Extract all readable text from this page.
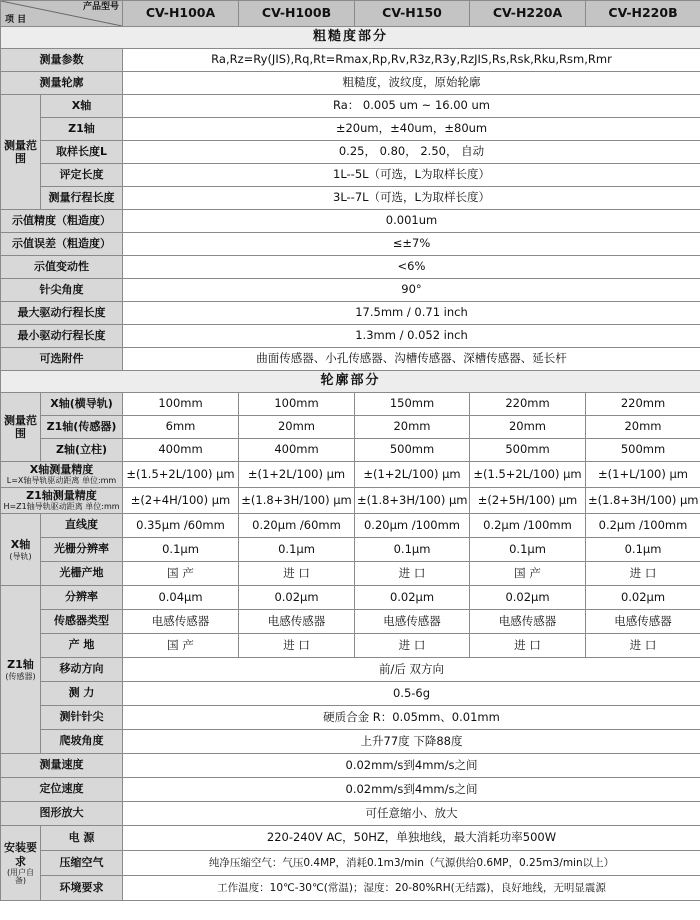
产品型号
项 目		CV-H100A	CV-H100B	CV-H150	CV-H220A	CV-H220B
粗糙度部分						
测量参数		Ra,Rz=Ry(JIS),Rq,Rt=Rmax,Rp,Rv,R3z,R3y,RzJIS,Rs,Rsk,Rku,Rsm,Rmr				
测量轮廓		粗糙度，波纹度，原始轮廓				
测量范围	X轴	Ra： 0.005 um ~ 16.00 um				
	Z1轴	±20um，±40um，±80um				
	取样长度L	0.25， 0.80， 2.50， 自动				
	评定长度	1L--5L（可选，L为取样长度）				
	测量行程长度	3L--7L（可选，L为取样长度）				
示值精度（粗造度）		0.001um				
示值误差（粗造度）		≤±7%				
示值变动性		<6%				
针尖角度		90°				
最大驱动行程长度		17.5mm / 0.71 inch				
最小驱动行程长度		1.3mm / 0.052 inch				
可选附件		曲面传感器、小孔传感器、沟槽传感器、深槽传感器、延长杆				
轮廓部分						
测量范围	X轴(横导轨)	100mm	100mm	150mm	220mm	220mm
	Z1轴(传感器)	6mm	20mm	20mm	20mm	20mm
	Z轴(立柱)	400mm	400mm	500mm	500mm	500mm
X轴测量精度
L=X轴导轨驱动距离 单位:mm		±(1.5+2L/100) μm	±(1+2L/100) μm	±(1+2L/100) μm	±(1.5+2L/100) μm	±(1+L/100) μm
Z1轴测量精度
H=Z1轴导轨驱动距离 单位:mm		±(2+4H/100) μm	±(1.8+3H/100) μm	±(1.8+3H/100) μm	±(2+5H/100) μm	±(1.8+3H/100) μm
X轴
(导轨)	直线度	0.35μm /60mm	0.20μm /60mm	0.20μm /100mm	0.2μm /100mm	0.2μm /100mm
	光栅分辨率	0.1μm	0.1μm	0.1μm	0.1μm	0.1μm
	光栅产地	国 产	进 口	进 口	国 产	进 口
Z1轴
(传感器)	分辨率	0.04μm	0.02μm	0.02μm	0.02μm	0.02μm
	传感器类型	电感传感器	电感传感器	电感传感器	电感传感器	电感传感器
	产 地	国 产	进 口	进 口	进 口	进 口
	移动方向	前/后 双方向				
	测 力	0.5-6g				
	测针针尖	硬质合金 R：0.05mm、0.01mm				
	爬坡角度	上升77度 下降88度				
测量速度		0.02mm/s到4mm/s之间				
定位速度		0.02mm/s到4mm/s之间				
图形放大		可任意缩小、放大				
安装要求
(用户自备)	电 源	220-240V AC，50HZ，单独地线，最大消耗功率500W				
	压缩空气	纯净压缩空气：气压0.4MP，消耗0.1m3/min（气源供给0.6MP，0.25m3/min以上）				
	环境要求	工作温度：10℃-30℃(常温)；湿度：20-80%RH(无结露)，良好地线，无明显震源				
